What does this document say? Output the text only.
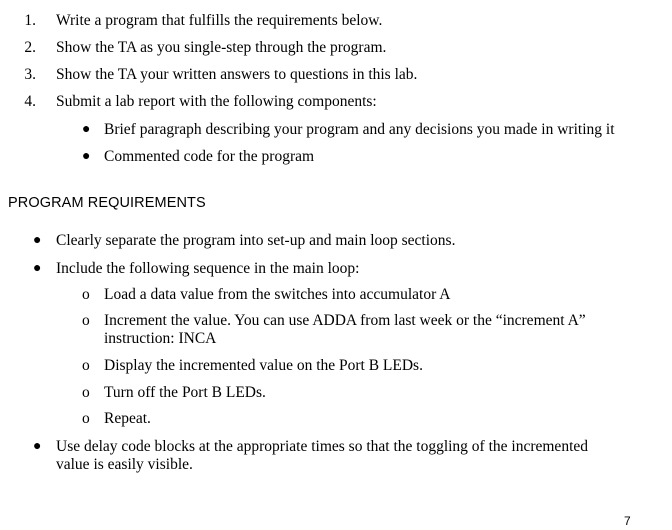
1. Write a program that fulfills the requirements below.
2. Show the TA as you single-step through the program.
3. Show the TA your written answers to questions in this lab.
4. Submit a lab report with the following components:
● Brief paragraph describing your program and any decisions you made in writing it
● Commented code for the program
PROGRAM REQUIREMENTS
● Clearly separate the program into set-up and main loop sections.
● Include the following sequence in the main loop:
o Load a data value from the switches into accumulator A
o Increment the value. You can use ADDA from last week or the “increment A”
instruction: INCA
o Display the incremented value on the Port B LEDs.
o Turn off the Port B LEDs.
o Repeat.
● Use delay code blocks at the appropriate times so that the toggling of the incremented
value is easily visible.
7
